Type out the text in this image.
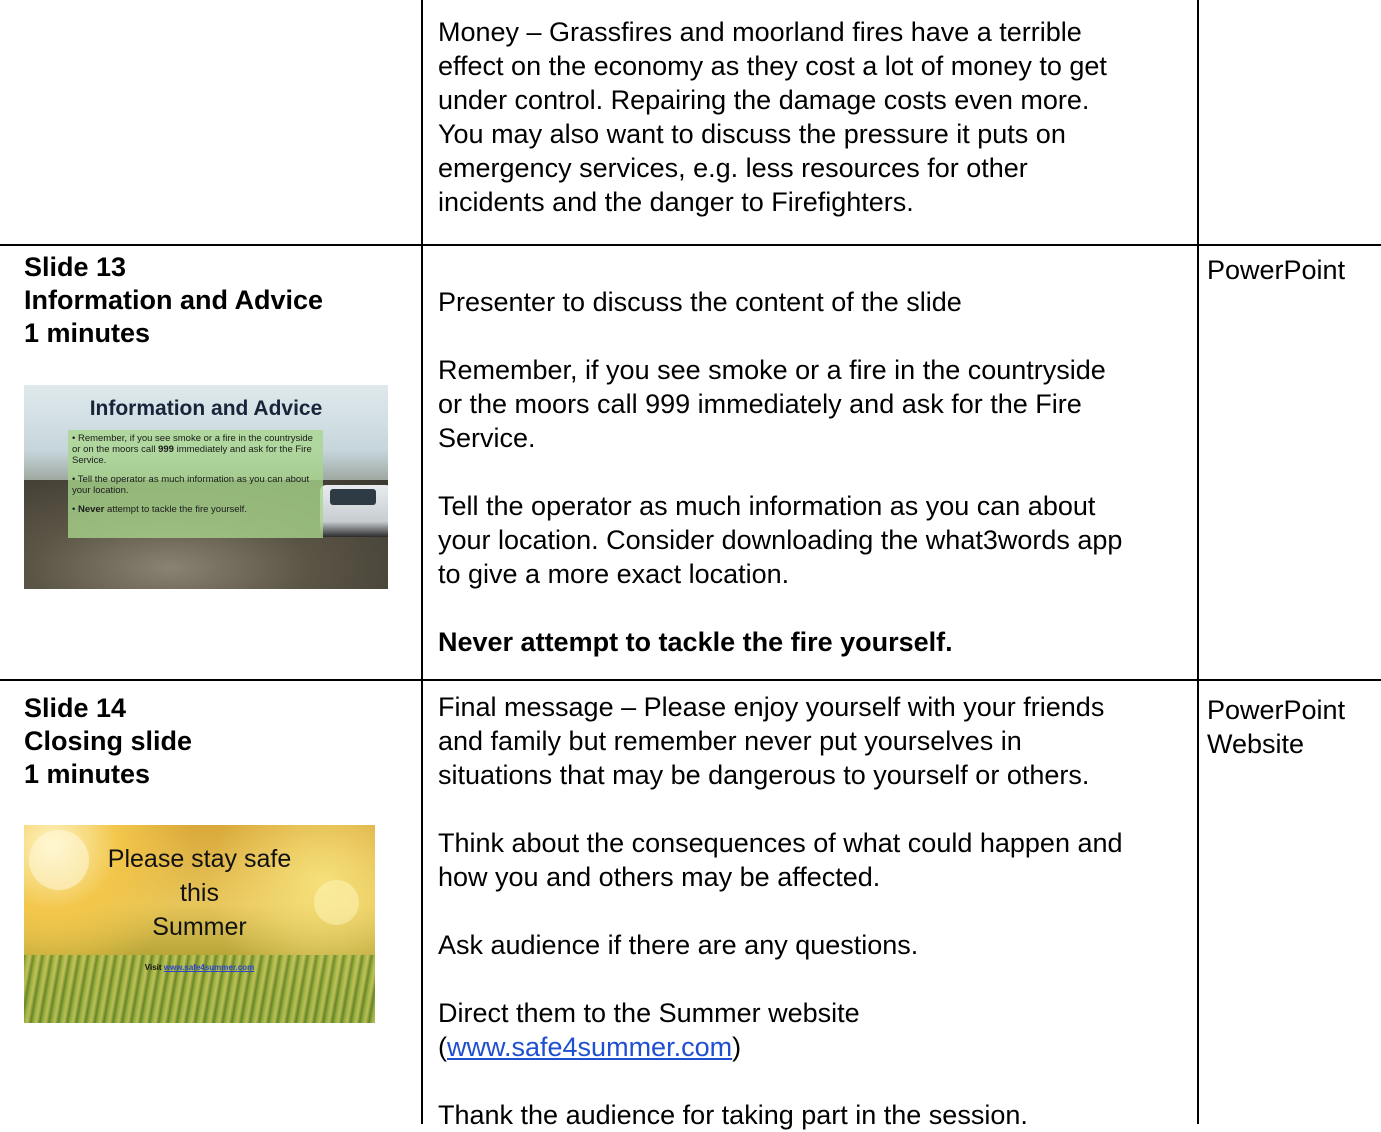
Money – Grassfires and moorland fires have a terrible

effect on the economy as they cost a lot of money to get

under control. Repairing the damage costs even more.

You may also want to discuss the pressure it puts on

emergency services, e.g. less resources for other

incidents and the danger to Firefighters.

Slide 13

Information and Advice

1 minutes

Information and Advice

• Remember, if you see smoke or a fire in the countryside or on the moors call 999 immediately and ask for the Fire Service.

• Tell the operator as much information as you can about your location.

• Never attempt to tackle the fire yourself.

Presenter to discuss the content of the slide

Remember, if you see smoke or a fire in the countryside

or the moors call 999 immediately and ask for the Fire

Service.

Tell the operator as much information as you can about

your location. Consider downloading the what3words app

to give a more exact location.

Never attempt to tackle the fire yourself.

PowerPoint

Slide 14

Closing slide

1 minutes

Please stay safe
this
Summer
Visit www.safe4summer.com

Final message – Please enjoy yourself with your friends

and family but remember never put yourselves in

situations that may be dangerous to yourself or others.

Think about the consequences of what could happen and

how you and others may be affected.

Ask audience if there are any questions.

Direct them to the Summer website

(www.safe4summer.com)

Thank the audience for taking part in the session.

PowerPoint

Website
